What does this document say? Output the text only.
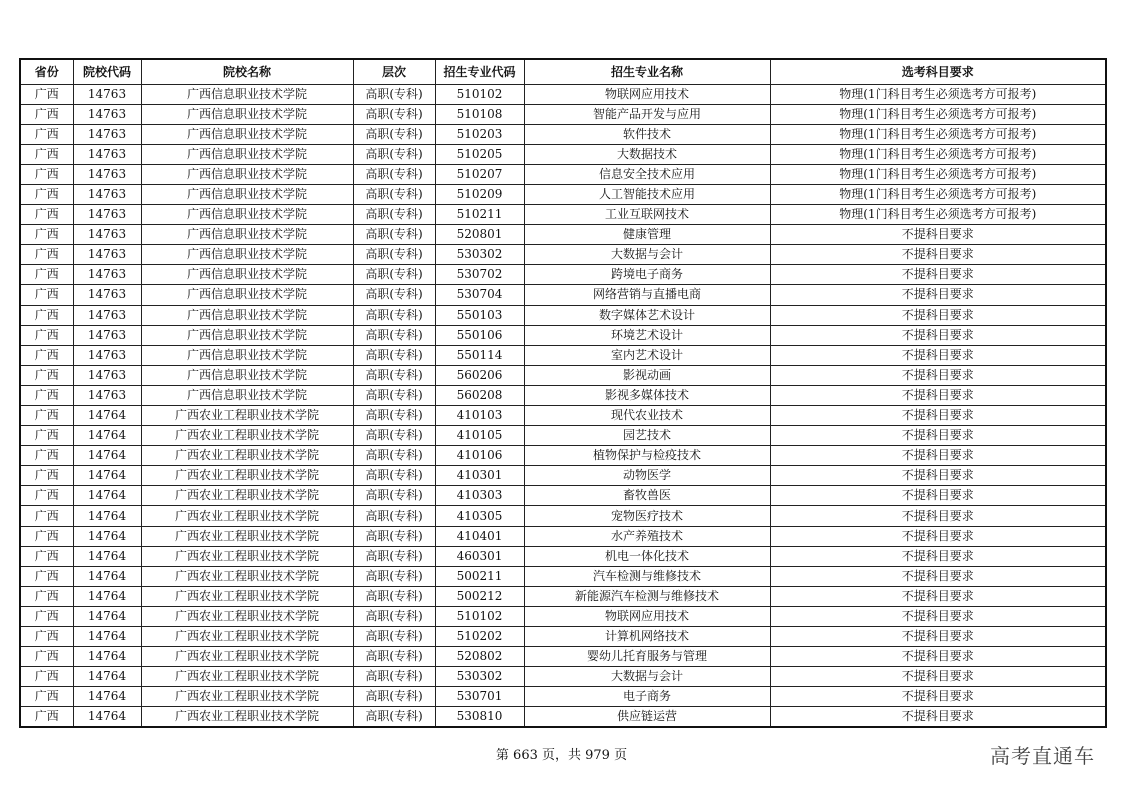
省份	院校代码	院校名称	层次	招生专业代码	招生专业名称	选考科目要求
广西	14763	广西信息职业技术学院	高职(专科)	510102	物联网应用技术	物理(1门科目考生必须选考方可报考)
广西	14763	广西信息职业技术学院	高职(专科)	510108	智能产品开发与应用	物理(1门科目考生必须选考方可报考)
广西	14763	广西信息职业技术学院	高职(专科)	510203	软件技术	物理(1门科目考生必须选考方可报考)
广西	14763	广西信息职业技术学院	高职(专科)	510205	大数据技术	物理(1门科目考生必须选考方可报考)
广西	14763	广西信息职业技术学院	高职(专科)	510207	信息安全技术应用	物理(1门科目考生必须选考方可报考)
广西	14763	广西信息职业技术学院	高职(专科)	510209	人工智能技术应用	物理(1门科目考生必须选考方可报考)
广西	14763	广西信息职业技术学院	高职(专科)	510211	工业互联网技术	物理(1门科目考生必须选考方可报考)
广西	14763	广西信息职业技术学院	高职(专科)	520801	健康管理	不提科目要求
广西	14763	广西信息职业技术学院	高职(专科)	530302	大数据与会计	不提科目要求
广西	14763	广西信息职业技术学院	高职(专科)	530702	跨境电子商务	不提科目要求
广西	14763	广西信息职业技术学院	高职(专科)	530704	网络营销与直播电商	不提科目要求
广西	14763	广西信息职业技术学院	高职(专科)	550103	数字媒体艺术设计	不提科目要求
广西	14763	广西信息职业技术学院	高职(专科)	550106	环境艺术设计	不提科目要求
广西	14763	广西信息职业技术学院	高职(专科)	550114	室内艺术设计	不提科目要求
广西	14763	广西信息职业技术学院	高职(专科)	560206	影视动画	不提科目要求
广西	14763	广西信息职业技术学院	高职(专科)	560208	影视多媒体技术	不提科目要求
广西	14764	广西农业工程职业技术学院	高职(专科)	410103	现代农业技术	不提科目要求
广西	14764	广西农业工程职业技术学院	高职(专科)	410105	园艺技术	不提科目要求
广西	14764	广西农业工程职业技术学院	高职(专科)	410106	植物保护与检疫技术	不提科目要求
广西	14764	广西农业工程职业技术学院	高职(专科)	410301	动物医学	不提科目要求
广西	14764	广西农业工程职业技术学院	高职(专科)	410303	畜牧兽医	不提科目要求
广西	14764	广西农业工程职业技术学院	高职(专科)	410305	宠物医疗技术	不提科目要求
广西	14764	广西农业工程职业技术学院	高职(专科)	410401	水产养殖技术	不提科目要求
广西	14764	广西农业工程职业技术学院	高职(专科)	460301	机电一体化技术	不提科目要求
广西	14764	广西农业工程职业技术学院	高职(专科)	500211	汽车检测与维修技术	不提科目要求
广西	14764	广西农业工程职业技术学院	高职(专科)	500212	新能源汽车检测与维修技术	不提科目要求
广西	14764	广西农业工程职业技术学院	高职(专科)	510102	物联网应用技术	不提科目要求
广西	14764	广西农业工程职业技术学院	高职(专科)	510202	计算机网络技术	不提科目要求
广西	14764	广西农业工程职业技术学院	高职(专科)	520802	婴幼儿托育服务与管理	不提科目要求
广西	14764	广西农业工程职业技术学院	高职(专科)	530302	大数据与会计	不提科目要求
广西	14764	广西农业工程职业技术学院	高职(专科)	530701	电子商务	不提科目要求
广西	14764	广西农业工程职业技术学院	高职(专科)	530810	供应链运营	不提科目要求
第 663 页，共 979 页	高考直通车
